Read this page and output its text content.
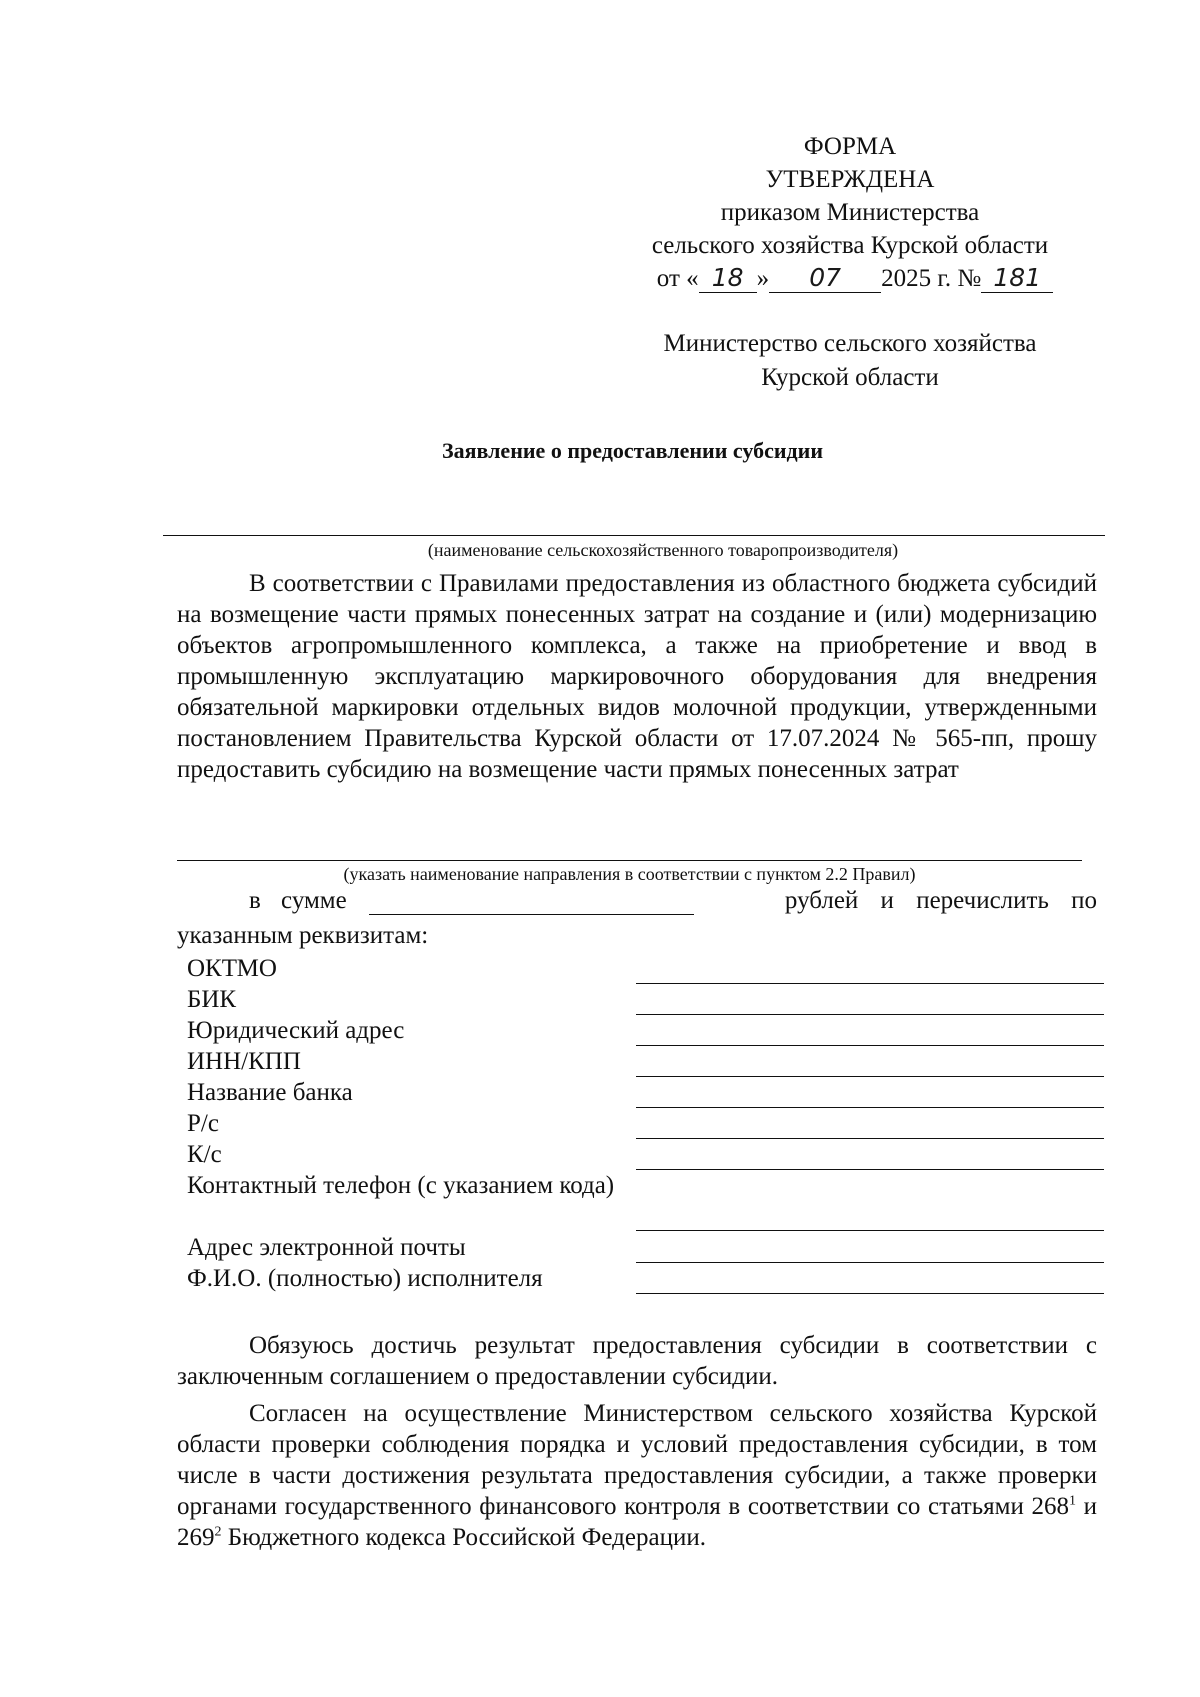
ФОРМА
УТВЕРЖДЕНА
приказом Министерства
сельского хозяйства Курской области
от « 18 » 07 2025 г. № 181
Министерство сельского хозяйства
Курской области
Заявление о предоставлении субсидии
(наименование сельскохозяйственного товаропроизводителя)
В соответствии с Правилами предоставления из областного бюджета субсидий на возмещение части прямых понесенных затрат на создание и (или) модернизацию объектов агропромышленного комплекса, а также на приобретение и ввод в промышленную эксплуатацию маркировочного оборудования для внедрения обязательной маркировки отдельных видов молочной продукции, утвержденными постановлением Правительства Курской области от 17.07.2024 № 565-пп, прошу предоставить субсидию на возмещение части прямых понесенных затрат
(указать наименование направления в соответствии с пунктом 2.2 Правил)
в сумме	рублей и перечислить по
указанным реквизитам:
ОКТМО
БИК
Юридический адрес
ИНН/КПП
Название банка
Р/с
К/с
Контактный телефон (с указанием кода)
Адрес электронной почты
Ф.И.О. (полностью) исполнителя
Обязуюсь достичь результат предоставления субсидии в соответствии с заключенным соглашением о предоставлении субсидии.
Согласен на осуществление Министерством сельского хозяйства Курской области проверки соблюдения порядка и условий предоставления субсидии, в том числе в части достижения результата предоставления субсидии, а также проверки органами государственного финансового контроля в соответствии со статьями $268^1$ и $269^2$ Бюджетного кодекса Российской Федерации.
